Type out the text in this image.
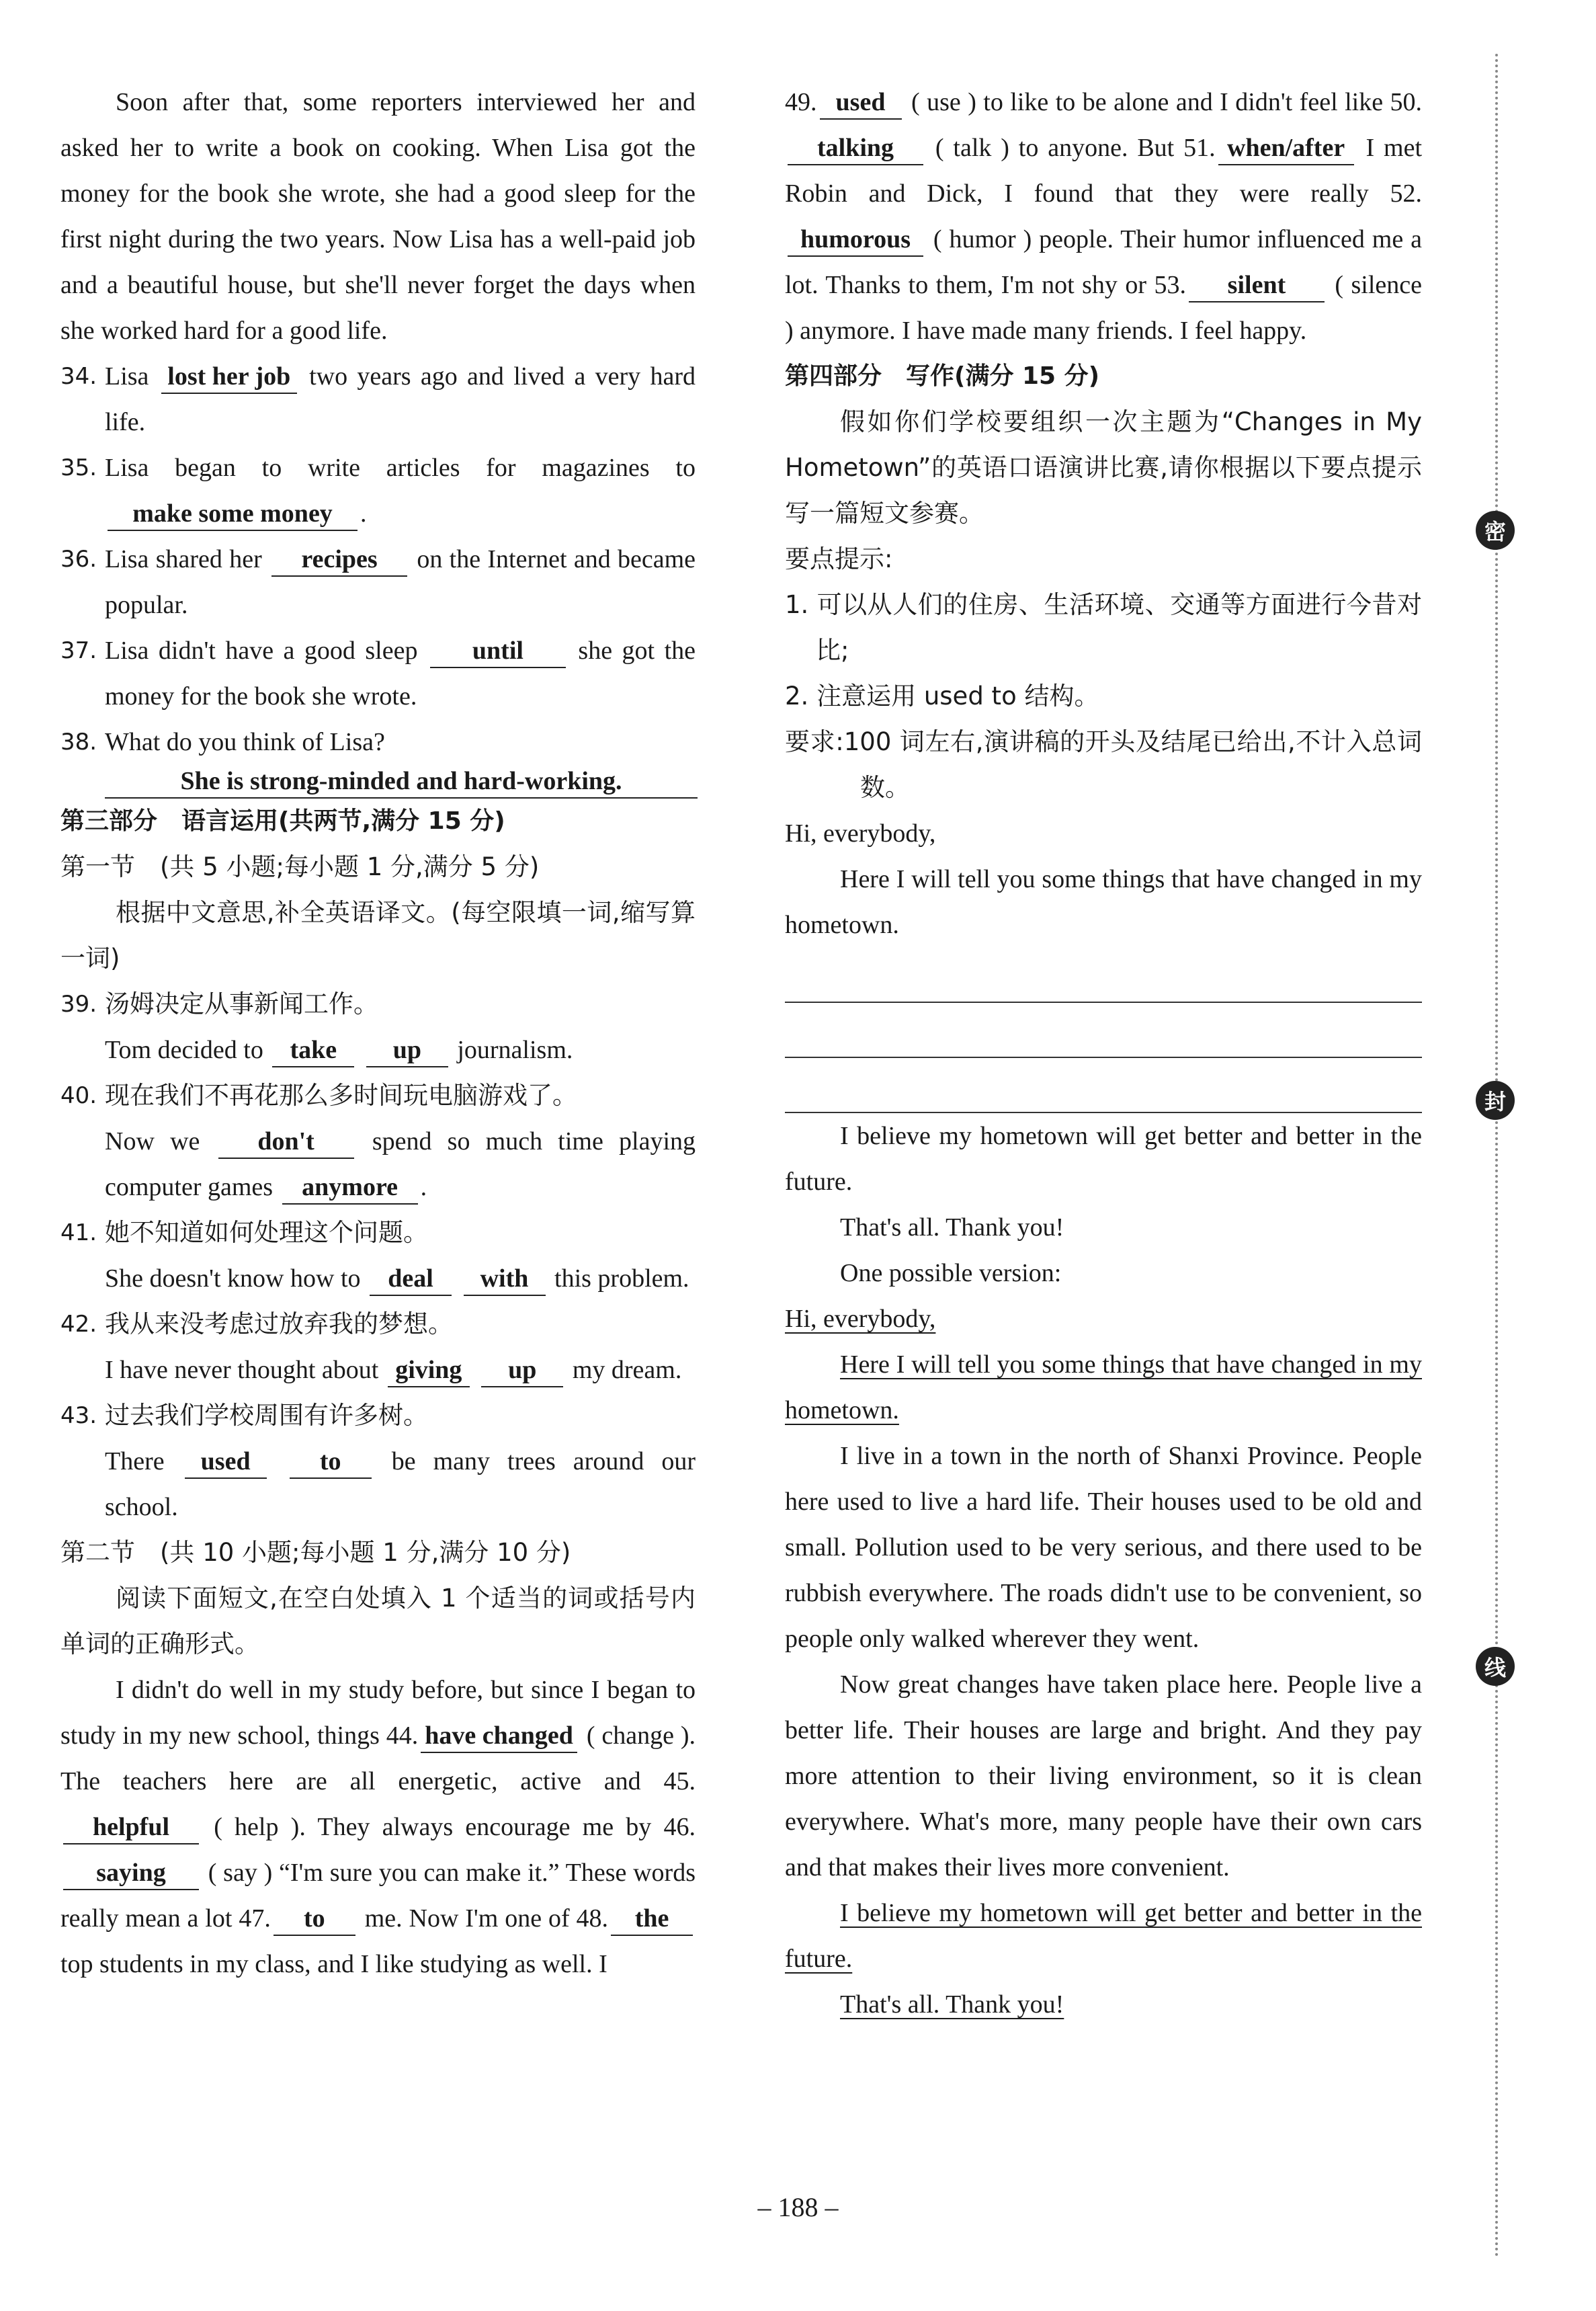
Soon after that, some reporters interviewed her and asked her to write a book on cooking. When Lisa got the money for the book she wrote, she had a good sleep for the first night during the two years. Now Lisa has a well-paid job and a beautiful house, but she'll never forget the days when she worked hard for a good life.

34. Lisa lost her job two years ago and lived a very hard life.

35. Lisa began to write articles for magazines to make some money .

36. Lisa shared her recipes on the Internet and became popular.

37. Lisa didn't have a good sleep until she got the money for the book she wrote.

38. What do you think of Lisa?
She is strong-minded and hard-working.

第三部分　语言运用(共两节,满分 15 分)

第一节　(共 5 小题;每小题 1 分,满分 5 分)

根据中文意思,补全英语译文。(每空限填一词,缩写算一词)

39. 汤姆决定从事新闻工作。
Tom decided to take up journalism.

40. 现在我们不再花那么多时间玩电脑游戏了。
Now we don't spend so much time playing computer games anymore .

41. 她不知道如何处理这个问题。
She doesn't know how to deal with this problem.

42. 我从来没考虑过放弃我的梦想。
I have never thought about giving up my dream.

43. 过去我们学校周围有许多树。
There used	to be many trees around our school.

第二节　(共 10 小题;每小题 1 分,满分 10 分)

阅读下面短文,在空白处填入 1 个适当的词或括号内单词的正确形式。

I didn't do well in my study before, but since I began to study in my new school, things 44. have changed ( change ). The teachers here are all energetic, active and 45.helpful ( help ). They always encourage me by 46.saying ( say ) “I'm sure you can make it.” These words really mean a lot 47. to me. Now I'm one of 48. the top students in my class, and I like studying as well. I

49. used ( use ) to like to be alone and I didn't feel like 50.talking ( talk ) to anyone. But 51. when/after I met Robin and Dick, I found that they were really 52.humorous ( humor ) people. Their humor influenced me a lot. Thanks to them, I'm not shy or 53. silent ( silence ) anymore. I have made many friends. I feel happy.

第四部分　写作(满分 15 分)

假如你们学校要组织一次主题为“Changes in My Hometown”的英语口语演讲比赛,请你根据以下要点提示写一篇短文参赛。

要点提示:

1. 可以从人们的住房、生活环境、交通等方面进行今昔对比;

2. 注意运用 used to 结构。

要求:100 词左右,演讲稿的开头及结尾已给出,不计入总词数。

Hi, everybody,

Here I will tell you some things that have changed in my hometown.

I believe my hometown will get better and better in the future.

That's all. Thank you!

One possible version:

Hi, everybody,

Here I will tell you some things that have changed in my hometown.

I live in a town in the north of Shanxi Province. People here used to live a hard life. Their houses used to be old and small. Pollution used to be very serious, and there used to be rubbish everywhere. The roads didn't use to be convenient, so people only walked wherever they went.

Now great changes have taken place here. People live a better life. Their houses are large and bright. And they pay more attention to their living environment, so it is clean everywhere. What's more, many people have their own cars and that makes their lives more convenient.

I believe my hometown will get better and better in the future.

That's all. Thank you!

密
封
线
– 188 –
